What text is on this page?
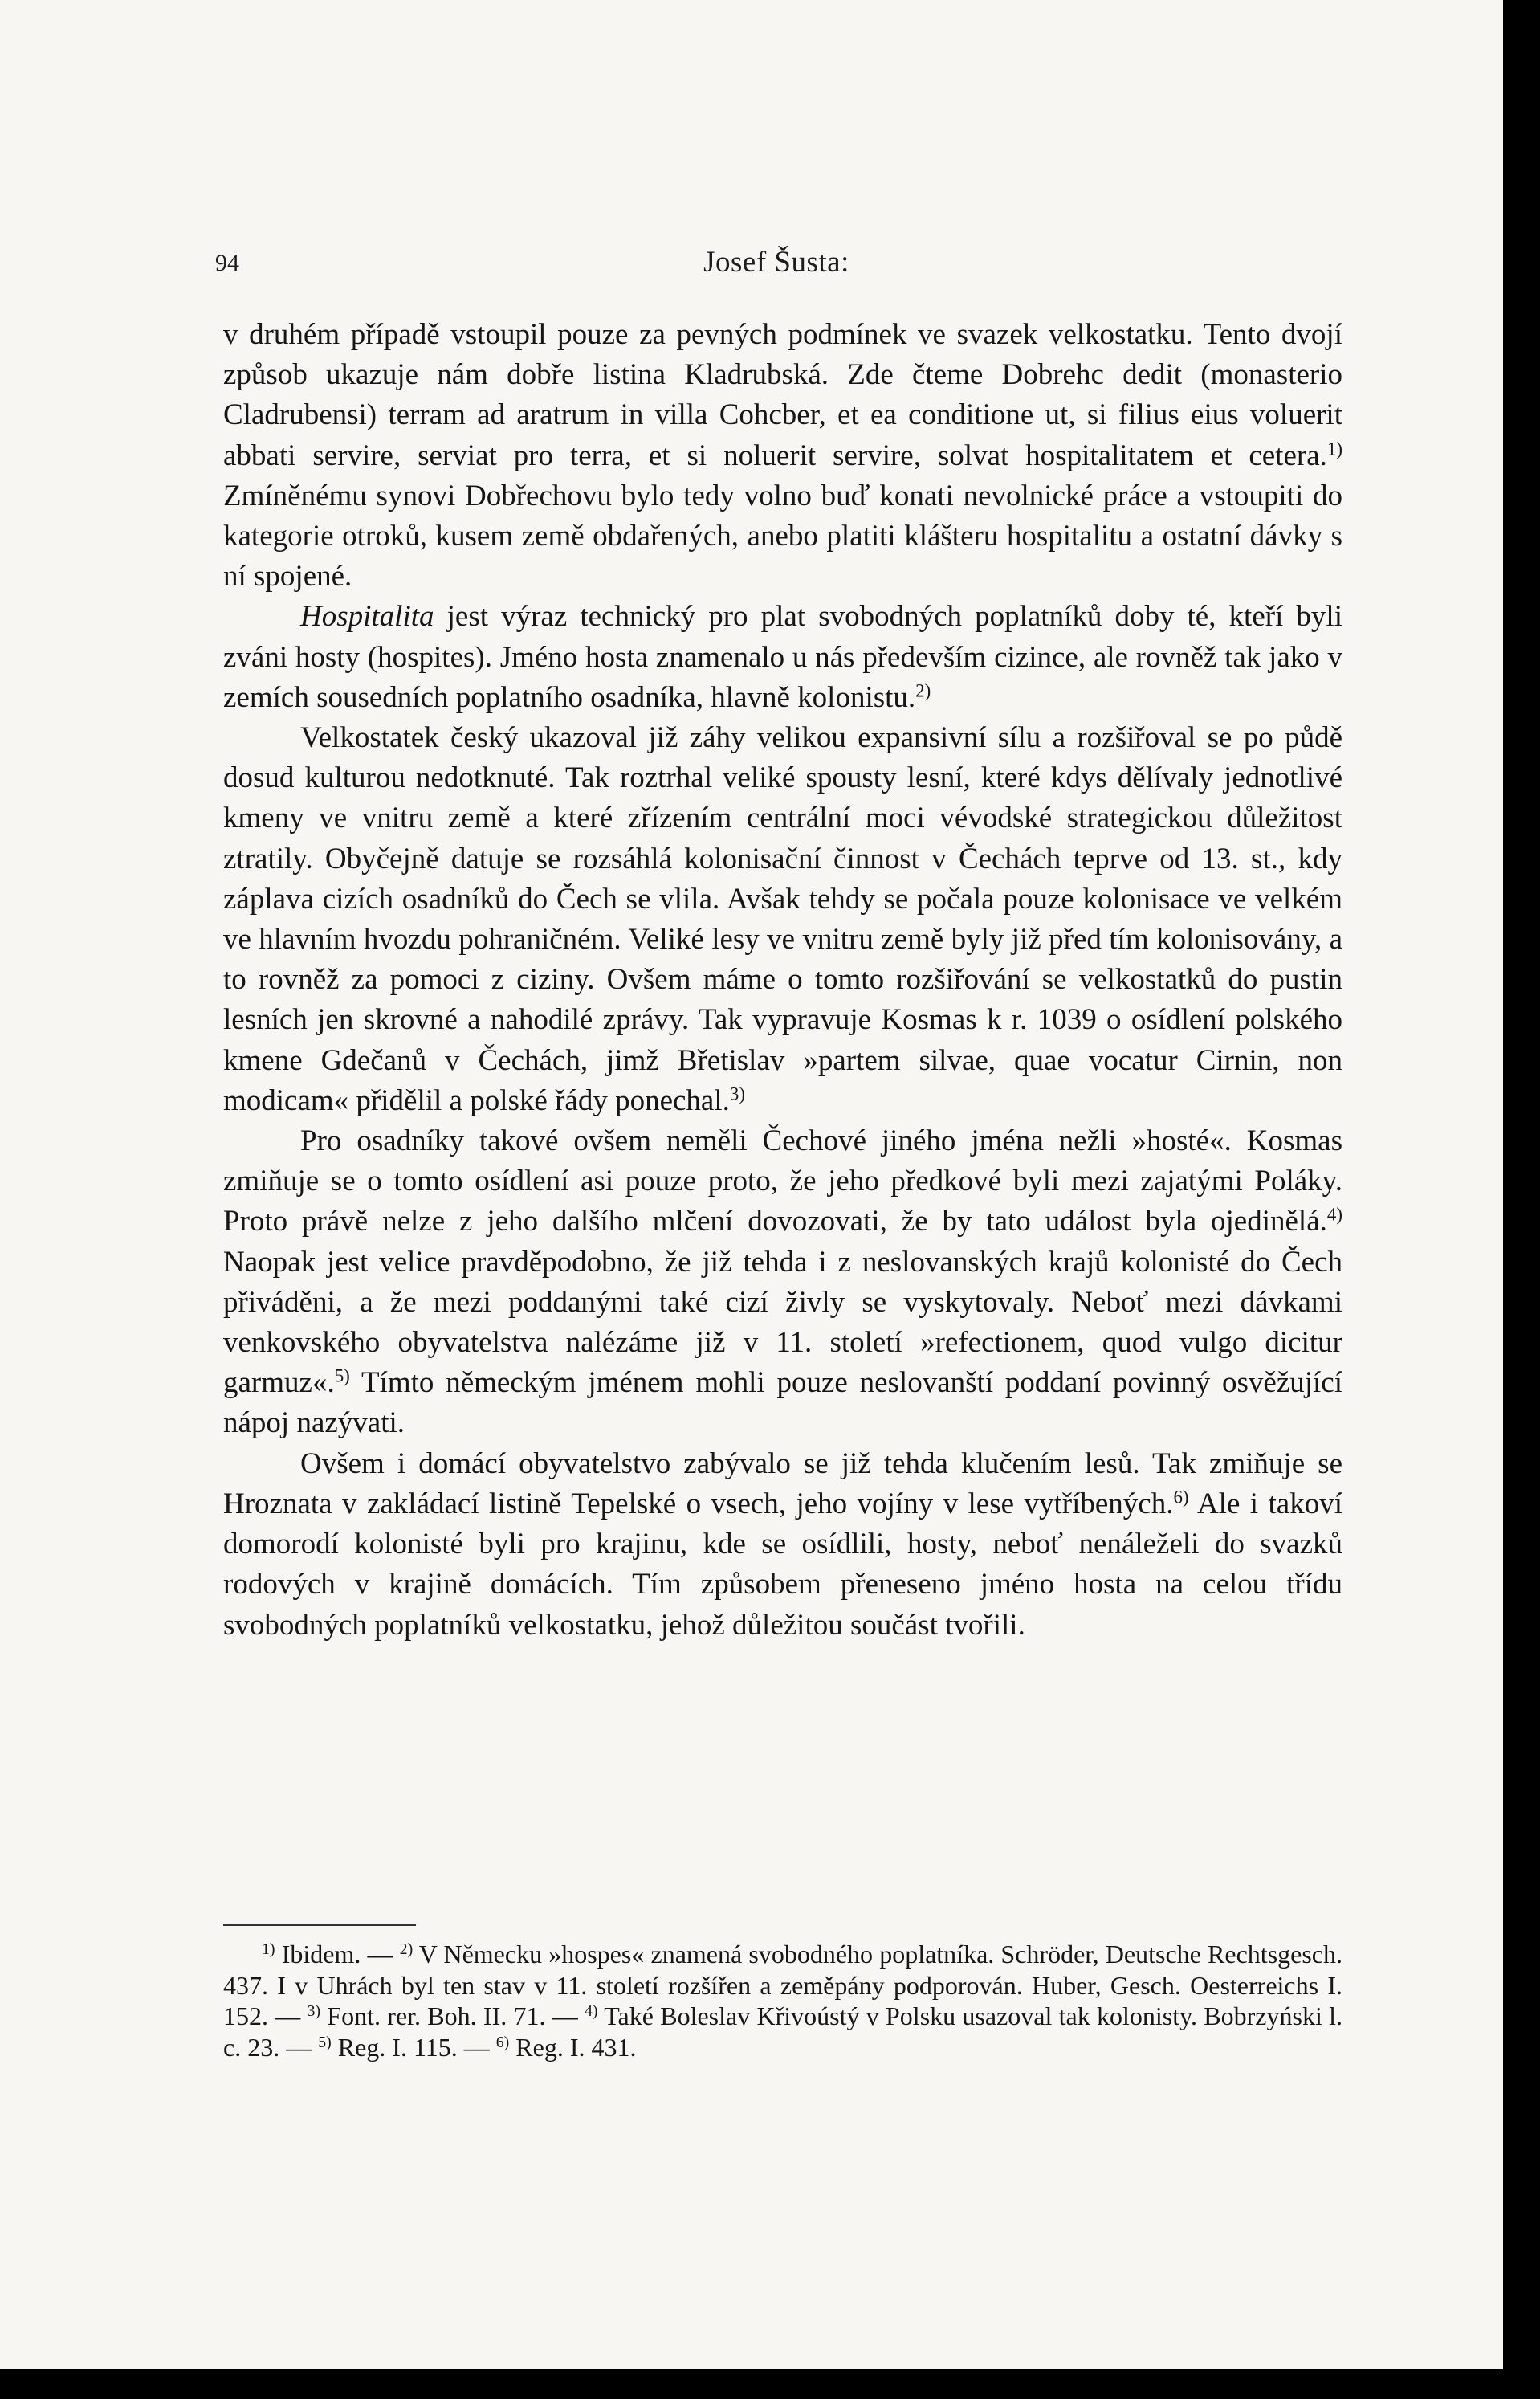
94	Josef Šusta:

v druhém případě vstoupil pouze za pevných podmínek ve svazek velkostatku. Tento dvojí způsob ukazuje nám dobře listina Kladrubská. Zde čteme Dobrehc dedit (monasterio Cladrubensi) terram ad aratrum in villa Cohcber, et ea conditione ut, si filius eius voluerit abbati servire, serviat pro terra, et si noluerit servire, solvat hospitalitatem et cetera.$^{1)}$ Zmíněnému synovi Dobřechovu bylo tedy volno buď konati nevolnické práce a vstoupiti do kategorie otroků, kusem země obdařených, anebo platiti klášteru hospitalitu a ostatní dávky s ní spojené.

Hospitalita jest výraz technický pro plat svobodných poplatníků doby té, kteří byli zváni hosty (hospites). Jméno hosta znamenalo u nás především cizince, ale rovněž tak jako v zemích sousedních poplatního osadníka, hlavně kolonistu.$^{2)}$

Velkostatek český ukazoval již záhy velikou expansivní sílu a rozšiřoval se po půdě dosud kulturou nedotknuté. Tak roztrhal veliké spousty lesní, které kdys dělívaly jednotlivé kmeny ve vnitru země a které zřízením centrální moci vévodské strategickou důležitost ztratily. Obyčejně datuje se rozsáhlá kolonisační činnost v Čechách teprve od 13. st., kdy záplava cizích osadníků do Čech se vlila. Avšak tehdy se počala pouze kolonisace ve velkém ve hlavním hvozdu pohraničném. Veliké lesy ve vnitru země byly již před tím kolonisovány, a to rovněž za pomoci z ciziny. Ovšem máme o tomto rozšiřování se velkostatků do pustin lesních jen skrovné a nahodilé zprávy. Tak vypravuje Kosmas k r. 1039 o osídlení polského kmene Gdečanů v Čechách, jimž Břetislav »partem silvae, quae vocatur Cirnin, non modicam« přidělil a polské řády ponechal.$^{3)}$

Pro osadníky takové ovšem neměli Čechové jiného jména nežli »hosté«. Kosmas zmiňuje se o tomto osídlení asi pouze proto, že jeho předkové byli mezi zajatými Poláky. Proto právě nelze z jeho dalšího mlčení dovozovati, že by tato událost byla ojedinělá.$^{4)}$ Naopak jest velice pravděpodobno, že již tehda i z neslovanských krajů kolonisté do Čech přiváděni, a že mezi poddanými také cizí živly se vyskytovaly. Neboť mezi dávkami venkovského obyvatelstva nalézáme již v 11. století »refectionem, quod vulgo dicitur garmuz«.$^{5)}$ Tímto německým jménem mohli pouze neslovanští poddaní povinný osvěžující nápoj nazývati.

Ovšem i domácí obyvatelstvo zabývalo se již tehda klučením lesů. Tak zmiňuje se Hroznata v zakládací listině Tepelské o vsech, jeho vojíny v lese vytříbených.$^{6)}$ Ale i takoví domorodí kolonisté byli pro krajinu, kde se osídlili, hosty, neboť nenáleželi do svazků rodových v krajině domácích. Tím způsobem přeneseno jméno hosta na celou třídu svobodných poplatníků velkostatku, jehož důležitou součást tvořili.

$^{1)}$ Ibidem. — $^{2)}$ V Německu »hospes« znamená svobodného poplatníka. Schröder, Deutsche Rechtsgesch. 437. I v Uhrách byl ten stav v 11. století rozšířen a zeměpány podporován. Huber, Gesch. Oesterreichs I. 152. — $^{3)}$ Font. rer. Boh. II. 71. — $^{4)}$ Také Boleslav Křivoústý v Polsku usazoval tak kolonisty. Bobrzyński l. c. 23. — $^{5)}$ Reg. I. 115. — $^{6)}$ Reg. I. 431.
